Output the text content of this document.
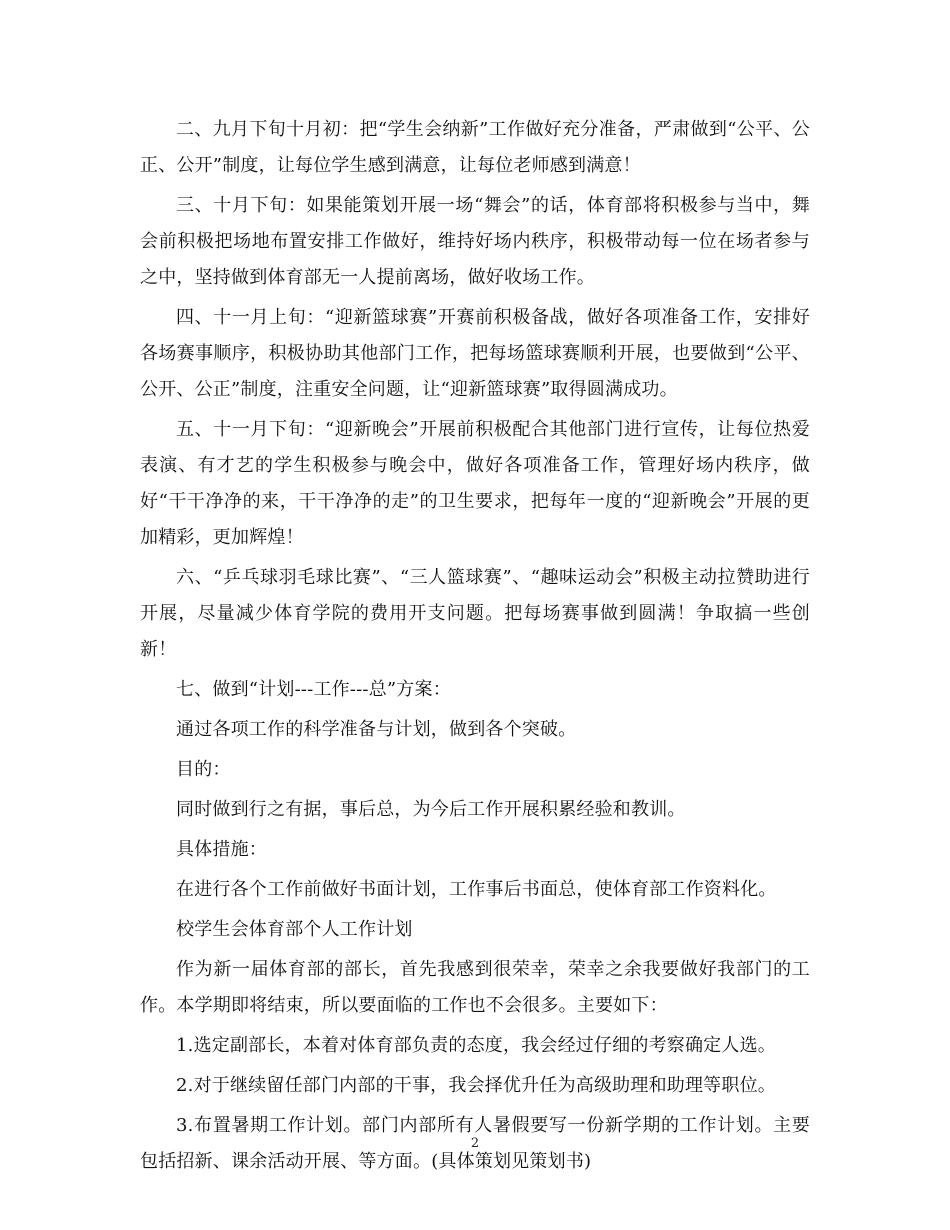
二、九月下旬十月初：把“学生会纳新”工作做好充分准备，严肃做到“公平、公正、公开”制度，让每位学生感到满意，让每位老师感到满意！

三、十月下旬：如果能策划开展一场“舞会”的话，体育部将积极参与当中，舞会前积极把场地布置安排工作做好，维持好场内秩序，积极带动每一位在场者参与之中，坚持做到体育部无一人提前离场，做好收场工作。

四、十一月上旬：“迎新篮球赛”开赛前积极备战，做好各项准备工作，安排好各场赛事顺序，积极协助其他部门工作，把每场篮球赛顺利开展，也要做到“公平、公开、公正”制度，注重安全问题，让“迎新篮球赛”取得圆满成功。

五、十一月下旬：“迎新晚会”开展前积极配合其他部门进行宣传，让每位热爱表演、有才艺的学生积极参与晚会中，做好各项准备工作，管理好场内秩序，做好“干干净净的来，干干净净的走”的卫生要求，把每年一度的“迎新晚会”开展的更加精彩，更加辉煌！

六、“乒乓球羽毛球比赛”、“三人篮球赛”、“趣味运动会”积极主动拉赞助进行开展，尽量减少体育学院的费用开支问题。把每场赛事做到圆满！争取搞一些创新！

七、做到“计划---工作---总”方案：

通过各项工作的科学准备与计划，做到各个突破。

目的：

同时做到行之有据，事后总，为今后工作开展积累经验和教训。

具体措施：

在进行各个工作前做好书面计划，工作事后书面总，使体育部工作资料化。

校学生会体育部个人工作计划

作为新一届体育部的部长，首先我感到很荣幸，荣幸之余我要做好我部门的工作。本学期即将结束，所以要面临的工作也不会很多。主要如下：

1.选定副部长，本着对体育部负责的态度，我会经过仔细的考察确定人选。

2.对于继续留任部门内部的干事，我会择优升任为高级助理和助理等职位。

3.布置暑期工作计划。部门内部所有人暑假要写一份新学期的工作计划。主要包括招新、课余活动开展、等方面。(具体策划见策划书)

2
